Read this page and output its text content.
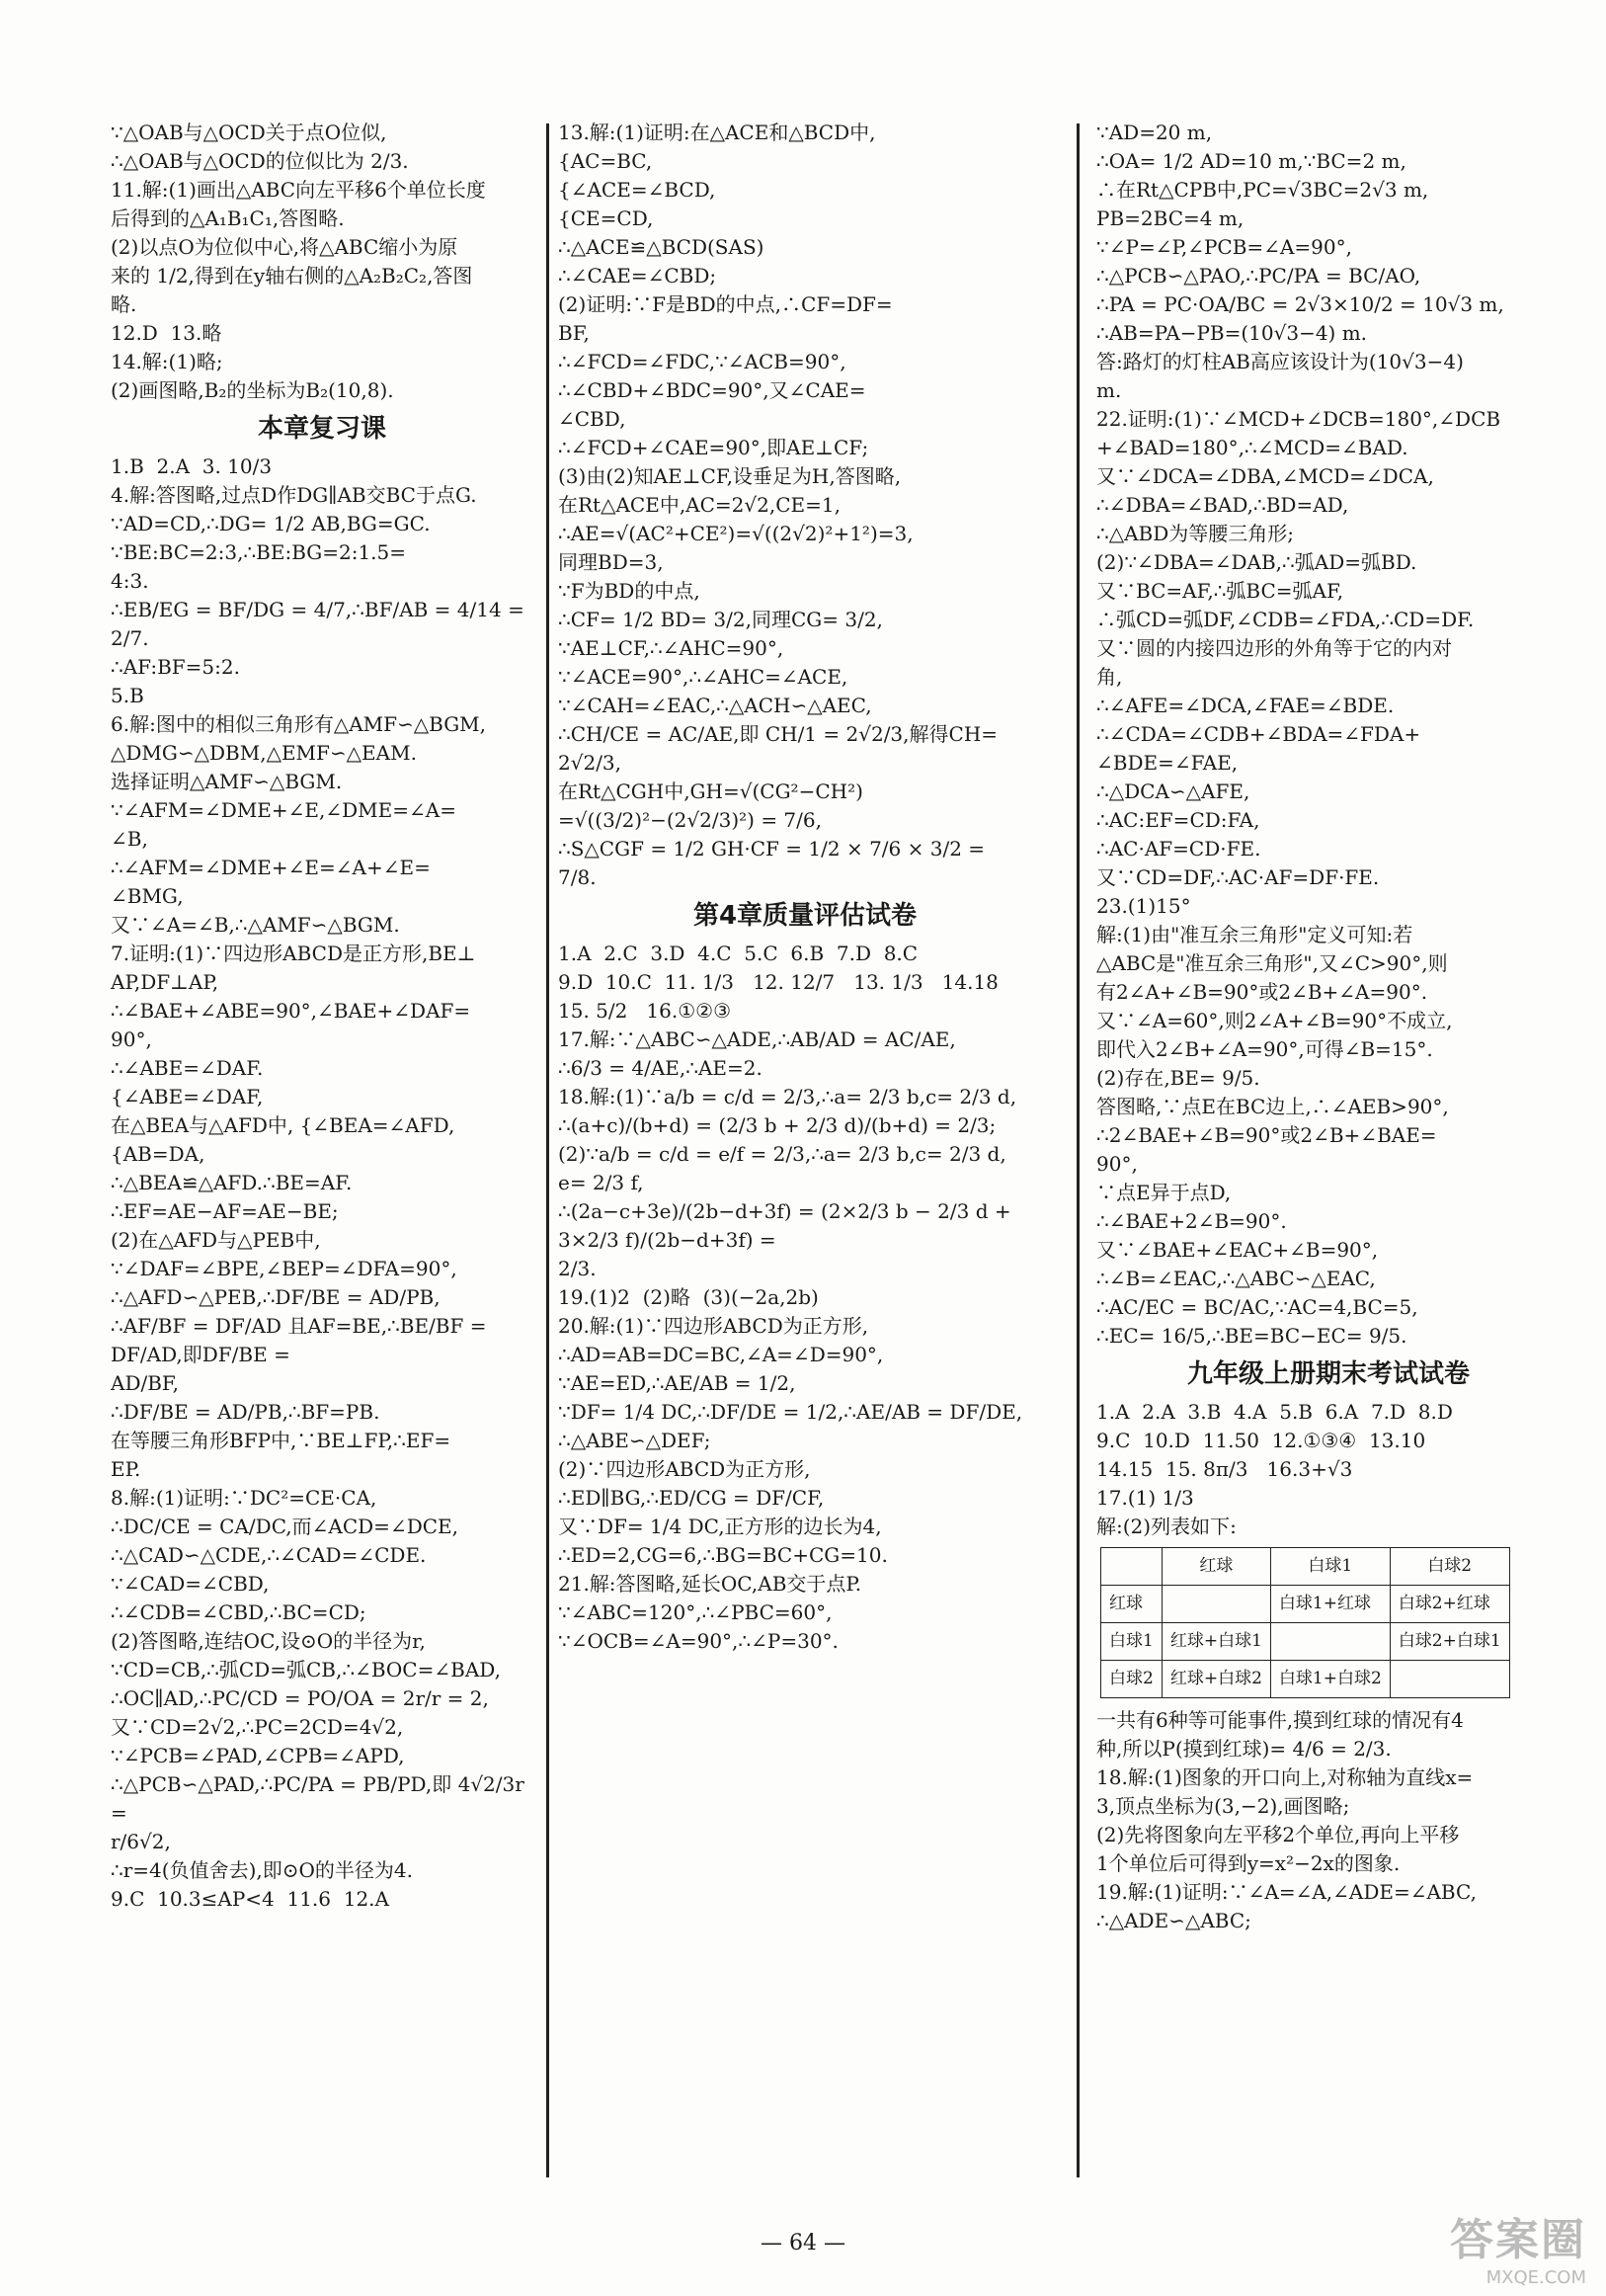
∵△OAB与△OCD关于点O位似,
∴△OAB与△OCD的位似比为 2/3.
11.解:(1)画出△ABC向左平移6个单位长度
后得到的△A₁B₁C₁,答图略.
(2)以点O为位似中心,将△ABC缩小为原
来的 1/2,得到在y轴右侧的△A₂B₂C₂,答图
略.
12.D  13.略
14.解:(1)略;
(2)画图略,B₂的坐标为B₂(10,8).
本章复习课
1.B  2.A  3. 10/3
4.解:答图略,过点D作DG∥AB交BC于点G.
∵AD=CD,∴DG= 1/2 AB,BG=GC.
∵BE:BC=2:3,∴BE:BG=2:1.5=
4:3.
∴EB/EG = BF/DG = 4/7,∴BF/AB = 4/14 = 2/7.
∴AF:BF=5:2.
5.B
6.解:图中的相似三角形有△AMF∽△BGM,
△DMG∽△DBM,△EMF∽△EAM.
选择证明△AMF∽△BGM.
∵∠AFM=∠DME+∠E,∠DME=∠A=
∠B,
∴∠AFM=∠DME+∠E=∠A+∠E=
∠BMG,
又∵∠A=∠B,∴△AMF∽△BGM.
7.证明:(1)∵四边形ABCD是正方形,BE⊥
AP,DF⊥AP,
∴∠BAE+∠ABE=90°,∠BAE+∠DAF=
90°,
∴∠ABE=∠DAF.
{∠ABE=∠DAF,
在△BEA与△AFD中, {∠BEA=∠AFD,
{AB=DA,
∴△BEA≌△AFD.∴BE=AF.
∴EF=AE−AF=AE−BE;
(2)在△AFD与△PEB中,
∵∠DAF=∠BPE,∠BEP=∠DFA=90°,
∴△AFD∽△PEB,∴DF/BE = AD/PB,
∴AF/BF = DF/AD 且AF=BE,∴BE/BF = DF/AD,即DF/BE =
AD/BF,
∴DF/BE = AD/PB,∴BF=PB.
在等腰三角形BFP中,∵BE⊥FP,∴EF=
EP.
8.解:(1)证明:∵DC²=CE·CA,
∴DC/CE = CA/DC,而∠ACD=∠DCE,
∴△CAD∽△CDE,∴∠CAD=∠CDE.
∵∠CAD=∠CBD,
∴∠CDB=∠CBD,∴BC=CD;
(2)答图略,连结OC,设⊙O的半径为r,
∵CD=CB,∴弧CD=弧CB,∴∠BOC=∠BAD,
∴OC∥AD,∴PC/CD = PO/OA = 2r/r = 2,
又∵CD=2√2,∴PC=2CD=4√2,
∵∠PCB=∠PAD,∠CPB=∠APD,
∴△PCB∽△PAD,∴PC/PA = PB/PD,即 4√2/3r =
r/6√2,
∴r=4(负值舍去),即⊙O的半径为4.
9.C  10.3≤AP<4  11.6  12.A
13.解:(1)证明:在△ACE和△BCD中,
{AC=BC,
{∠ACE=∠BCD,
{CE=CD,
∴△ACE≌△BCD(SAS)
∴∠CAE=∠CBD;
(2)证明:∵F是BD的中点,∴CF=DF=
BF,
∴∠FCD=∠FDC,∵∠ACB=90°,
∴∠CBD+∠BDC=90°,又∠CAE=
∠CBD,
∴∠FCD+∠CAE=90°,即AE⊥CF;
(3)由(2)知AE⊥CF,设垂足为H,答图略,
在Rt△ACE中,AC=2√2,CE=1,
∴AE=√(AC²+CE²)=√((2√2)²+1²)=3,
同理BD=3,
∵F为BD的中点,
∴CF= 1/2 BD= 3/2,同理CG= 3/2,
∵AE⊥CF,∴∠AHC=90°,
∵∠ACE=90°,∴∠AHC=∠ACE,
∵∠CAH=∠EAC,∴△ACH∽△AEC,
∴CH/CE = AC/AE,即 CH/1 = 2√2/3,解得CH= 2√2/3,
在Rt△CGH中,GH=√(CG²−CH²)
=√((3/2)²−(2√2/3)²) = 7/6,
∴S△CGF = 1/2 GH·CF = 1/2 × 7/6 × 3/2 =
7/8.
第4章质量评估试卷
1.A  2.C  3.D  4.C  5.C  6.B  7.D  8.C
9.D  10.C  11. 1/3   12. 12/7   13. 1/3   14.18
15. 5/2   16.①②③
17.解:∵△ABC∽△ADE,∴AB/AD = AC/AE,
∴6/3 = 4/AE,∴AE=2.
18.解:(1)∵a/b = c/d = 2/3,∴a= 2/3 b,c= 2/3 d,
∴(a+c)/(b+d) = (2/3 b + 2/3 d)/(b+d) = 2/3;
(2)∵a/b = c/d = e/f = 2/3,∴a= 2/3 b,c= 2/3 d,
e= 2/3 f,
∴(2a−c+3e)/(2b−d+3f) = (2×2/3 b − 2/3 d + 3×2/3 f)/(2b−d+3f) =
2/3.
19.(1)2  (2)略  (3)(−2a,2b)
20.解:(1)∵四边形ABCD为正方形,
∴AD=AB=DC=BC,∠A=∠D=90°,
∵AE=ED,∴AE/AB = 1/2,
∵DF= 1/4 DC,∴DF/DE = 1/2,∴AE/AB = DF/DE,
∴△ABE∽△DEF;
(2)∵四边形ABCD为正方形,
∴ED∥BG,∴ED/CG = DF/CF,
又∵DF= 1/4 DC,正方形的边长为4,
∴ED=2,CG=6,∴BG=BC+CG=10.
21.解:答图略,延长OC,AB交于点P.
∵∠ABC=120°,∴∠PBC=60°,
∵∠OCB=∠A=90°,∴∠P=30°.
∵AD=20 m,
∴OA= 1/2 AD=10 m,∵BC=2 m,
∴在Rt△CPB中,PC=√3BC=2√3 m,
PB=2BC=4 m,
∵∠P=∠P,∠PCB=∠A=90°,
∴△PCB∽△PAO,∴PC/PA = BC/AO,
∴PA = PC·OA/BC = 2√3×10/2 = 10√3 m,
∴AB=PA−PB=(10√3−4) m.
答:路灯的灯柱AB高应该设计为(10√3−4)
m.
22.证明:(1)∵∠MCD+∠DCB=180°,∠DCB
+∠BAD=180°,∴∠MCD=∠BAD.
又∵∠DCA=∠DBA,∠MCD=∠DCA,
∴∠DBA=∠BAD,∴BD=AD,
∴△ABD为等腰三角形;
(2)∵∠DBA=∠DAB,∴弧AD=弧BD.
又∵BC=AF,∴弧BC=弧AF,
∴弧CD=弧DF,∠CDB=∠FDA,∴CD=DF.
又∵圆的内接四边形的外角等于它的内对
角,
∴∠AFE=∠DCA,∠FAE=∠BDE.
∴∠CDA=∠CDB+∠BDA=∠FDA+
∠BDE=∠FAE,
∴△DCA∽△AFE,
∴AC:EF=CD:FA,
∴AC·AF=CD·FE.
又∵CD=DF,∴AC·AF=DF·FE.
23.(1)15°
解:(1)由"准互余三角形"定义可知:若
△ABC是"准互余三角形",又∠C>90°,则
有2∠A+∠B=90°或2∠B+∠A=90°.
又∵∠A=60°,则2∠A+∠B=90°不成立,
即代入2∠B+∠A=90°,可得∠B=15°.
(2)存在,BE= 9/5.
答图略,∵点E在BC边上,∴∠AEB>90°,
∴2∠BAE+∠B=90°或2∠B+∠BAE=
90°,
∵点E异于点D,
∴∠BAE+2∠B=90°.
又∵∠BAE+∠EAC+∠B=90°,
∴∠B=∠EAC,∴△ABC∽△EAC,
∴AC/EC = BC/AC,∵AC=4,BC=5,
∴EC= 16/5,∴BE=BC−EC= 9/5.
九年级上册期末考试试卷
1.A  2.A  3.B  4.A  5.B  6.A  7.D  8.D
9.C  10.D  11.50  12.①③④  13.10
14.15  15. 8π/3   16.3+√3
17.(1) 1/3
解:(2)列表如下:
	红球	白球1	白球2
红球		白球1+红球	白球2+红球
白球1	红球+白球1		白球2+白球1
白球2	红球+白球2	白球1+白球2	
一共有6种等可能事件,摸到红球的情况有4
种,所以P(摸到红球)= 4/6 = 2/3.
18.解:(1)图象的开口向上,对称轴为直线x=
3,顶点坐标为(3,−2),画图略;
(2)先将图象向左平移2个单位,再向上平移
1个单位后可得到y=x²−2x的图象.
19.解:(1)证明:∵∠A=∠A,∠ADE=∠ABC,
∴△ADE∽△ABC;
— 64 —	答案圈
MXQE.COM
